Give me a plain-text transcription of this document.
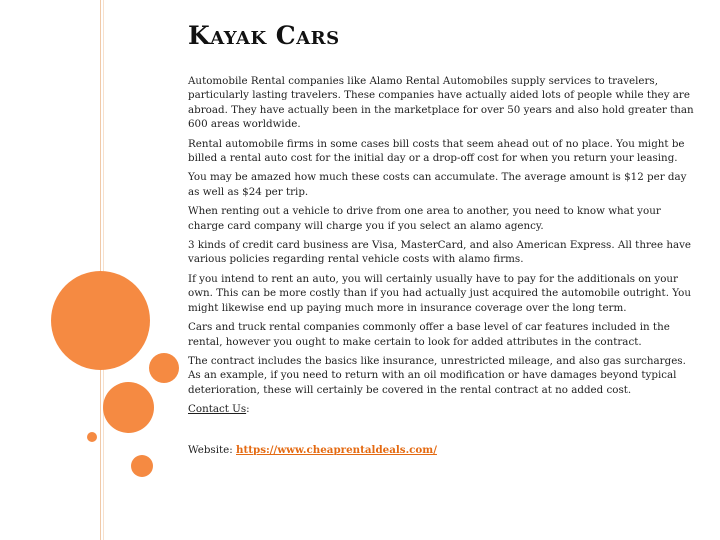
Kayak Cars

Automobile Rental companies like Alamo Rental Automobiles supply services to travelers, particularly lasting travelers. These companies have actually aided lots of people while they are abroad. They have actually been in the marketplace for over 50 years and also hold greater than 600 areas worldwide.

Rental automobile firms in some cases bill costs that seem ahead out of no place. You might be billed a rental auto cost for the initial day or a drop-off cost for when you return your leasing.

You may be amazed how much these costs can accumulate. The average amount is $12 per day as well as $24 per trip.

When renting out a vehicle to drive from one area to another, you need to know what your charge card company will charge you if you select an alamo agency.

3 kinds of credit card business are Visa, MasterCard, and also American Express. All three have various policies regarding rental vehicle costs with alamo firms.

If you intend to rent an auto, you will certainly usually have to pay for the additionals on your own. This can be more costly than if you had actually just acquired the automobile outright. You might likewise end up paying much more in insurance coverage over the long term.

Cars and truck rental companies commonly offer a base level of car features included in the rental, however you ought to make certain to look for added attributes in the contract.

The contract includes the basics like insurance, unrestricted mileage, and also gas surcharges. As an example, if you need to return with an oil modification or have damages beyond typical deterioration, these will certainly be covered in the rental contract at no added cost.

Contact Us:

Website: https://www.cheaprentaldeals.com/
